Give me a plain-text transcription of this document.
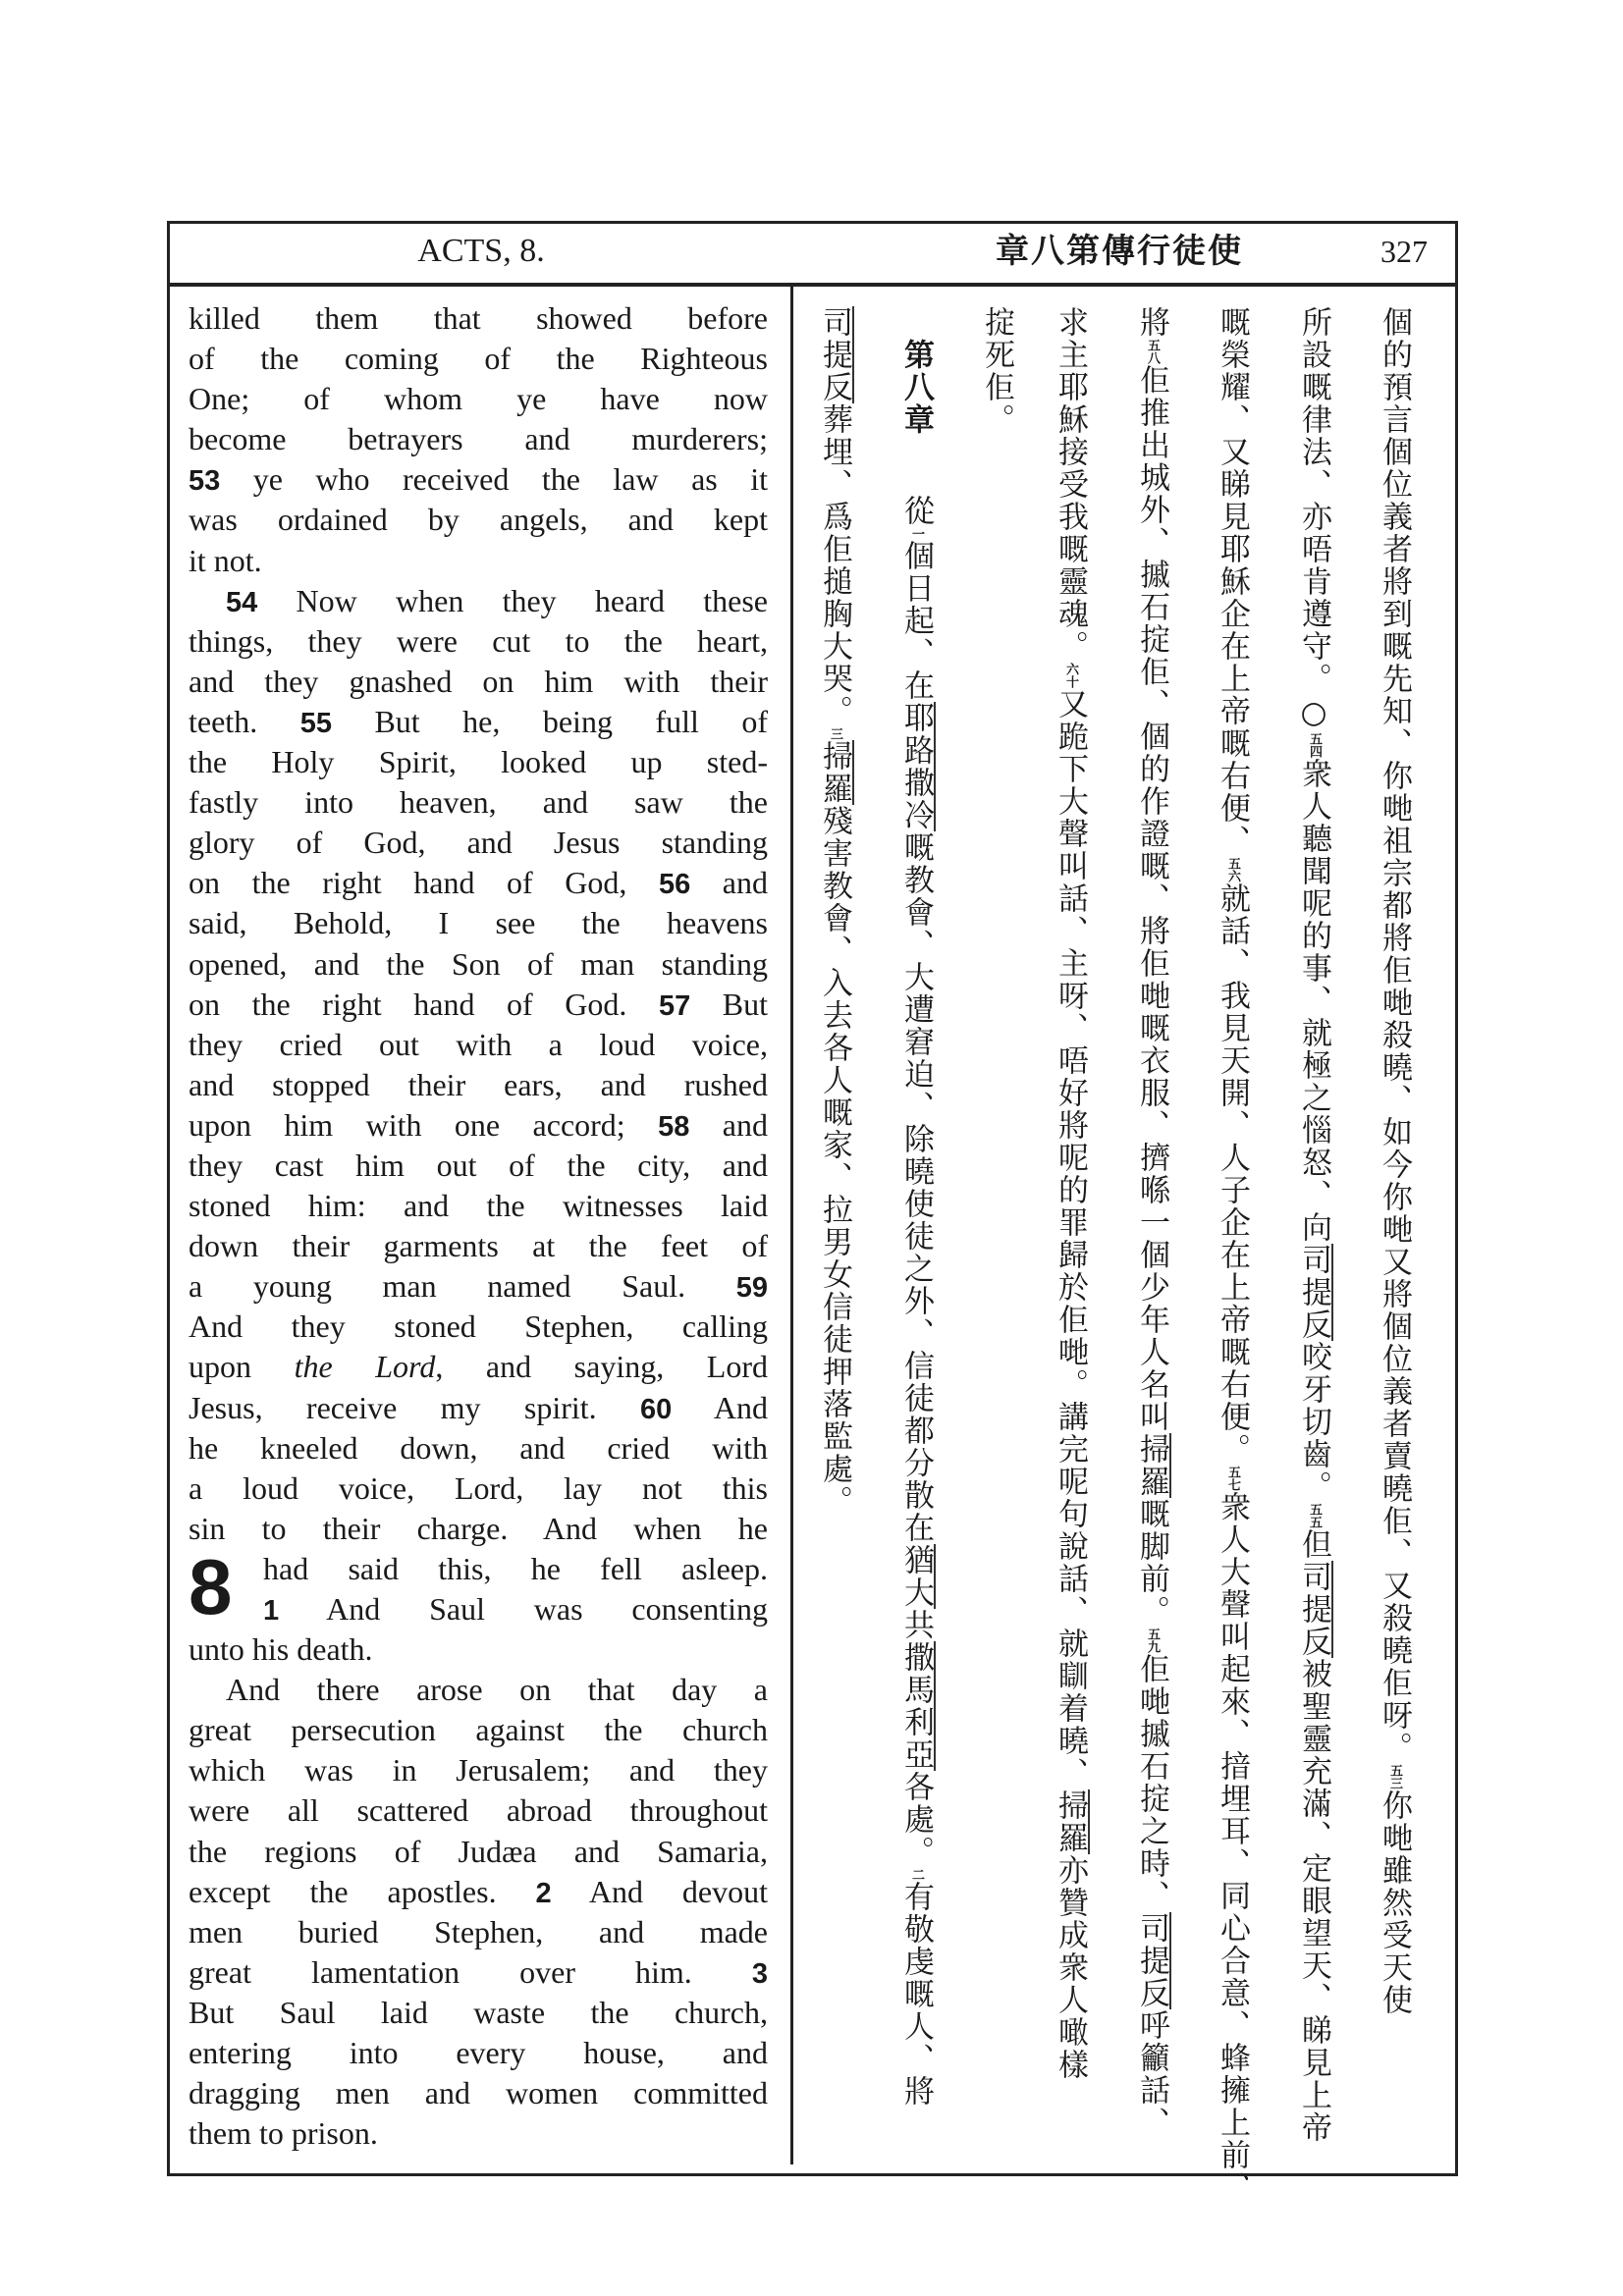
ACTS, 8.	使徒行傳第八章	327
8
killed them that showed before
of the coming of the Righteous
One; of whom ye have now
become betrayers and murderers;
53 ye who received the law as it
was ordained by angels, and kept
it not.
54 Now when they heard these
things, they were cut to the heart,
and they gnashed on him with their
teeth. 55 But he, being full of
the Holy Spirit, looked up sted-
fastly into heaven, and saw the
glory of God, and Jesus standing
on the right hand of God, 56 and
said, Behold, I see the heavens
opened, and the Son of man standing
on the right hand of God. 57 But
they cried out with a loud voice,
and stopped their ears, and rushed
upon him with one accord; 58 and
they cast him out of the city, and
stoned him: and the witnesses laid
down their garments at the feet of
a young man named Saul. 59
And they stoned Stephen, calling
upon the Lord, and saying, Lord
Jesus, receive my spirit. 60 And
he kneeled down, and cried with
a loud voice, Lord, lay not this
sin to their charge. And when he
had said this, he fell asleep.
1 And Saul was consenting
unto his death.
And there arose on that day a
great persecution against the church
which was in Jerusalem; and they
were all scattered abroad throughout
the regions of Judæa and Samaria,
except the apostles. 2 And devout
men buried Stephen, and made
great lamentation over him. 3
But Saul laid waste the church,
entering into every house, and
dragging men and women committed
them to prison.
個的預言個位義者將到嘅先知、你哋祖宗都將佢哋殺曉、如今你哋又將個位義者賣曉佢、又殺曉佢呀。五三你哋雖然受天使
所設嘅律法、亦唔肯遵守。○五四衆人聽聞呢的事、就極之惱怒、向司提反咬牙切齒。五五但司提反被聖靈充滿、定眼望天、睇見上帝
嘅榮耀、又睇見耶穌企在上帝嘅右便、五六就話、我見天開、人子企在上帝嘅右便。五七衆人大聲叫起來、揞埋耳、同心合意、蜂擁上前、
將五八佢推出城外、摵石掟佢、個的作證嘅、將佢哋嘅衣服、擠喺一個少年人名叫掃羅嘅脚前。五九佢哋摵石掟之時、司提反呼籲話、
求主耶穌接受我嘅靈魂。六十又跪下大聲叫話、主呀、唔好將呢的罪歸於佢哋。講完呢句說話、就瞓着曉、掃羅亦贊成衆人噉樣
掟死佢。
第八章從一個日起、在耶路撒冷嘅教會、大遭窘迫、除曉使徒之外、信徒都分散在猶大共撒馬利亞各處。二有敬虔嘅人、將
司提反葬埋、爲佢搥胸大哭。三掃羅殘害教會、入去各人嘅家、拉男女信徒押落監處。
